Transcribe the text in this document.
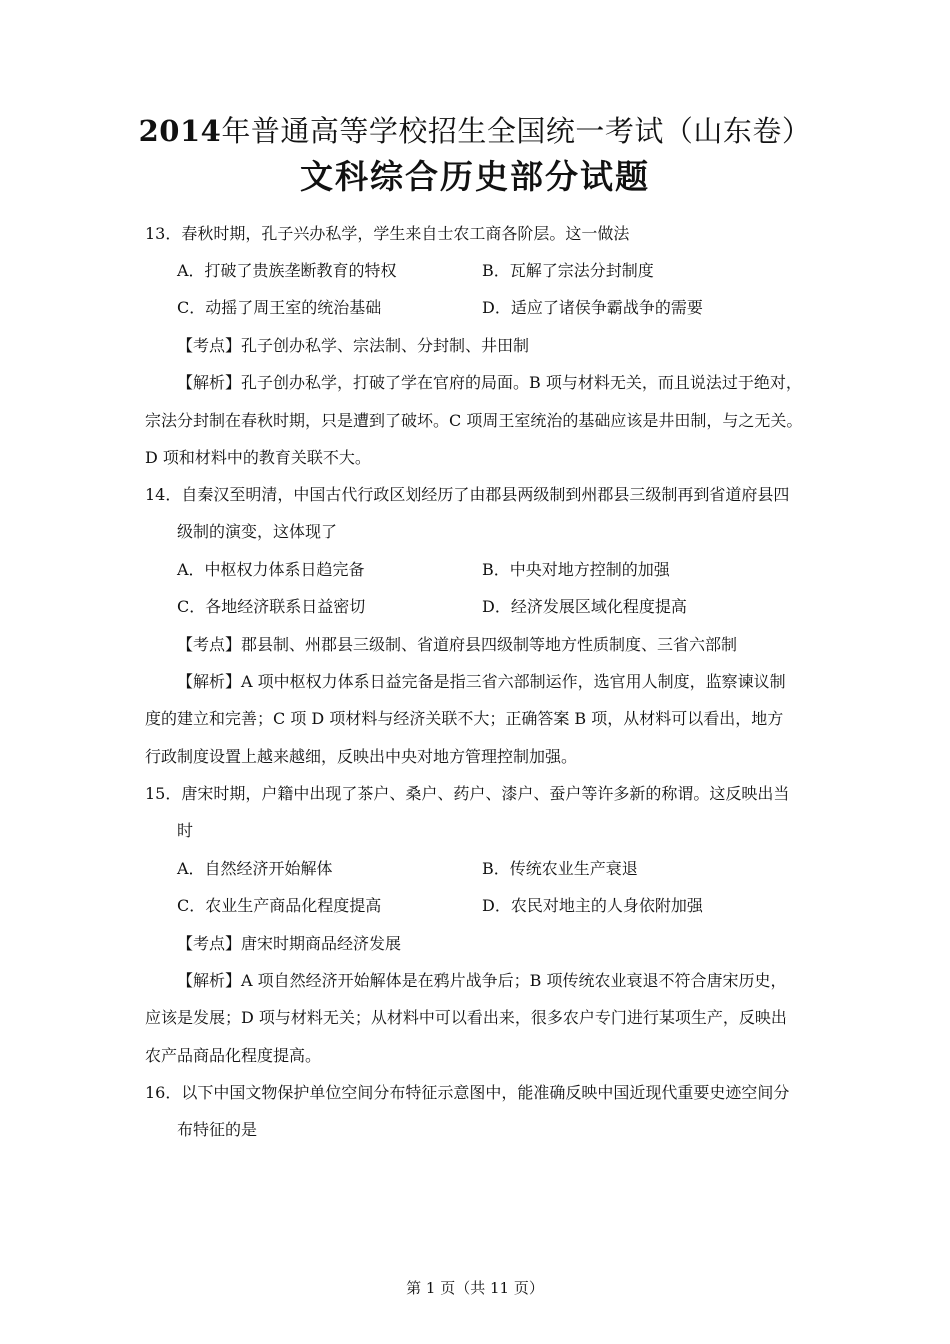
2014年普通高等学校招生全国统一考试（山东卷）
文科综合历史部分试题
13．春秋时期，孔子兴办私学，学生来自士农工商各阶层。这一做法
A．打破了贵族垄断教育的特权	B．瓦解了宗法分封制度
C．动摇了周王室的统治基础	D．适应了诸侯争霸战争的需要
【考点】孔子创办私学、宗法制、分封制、井田制
【解析】孔子创办私学，打破了学在官府的局面。B 项与材料无关，而且说法过于绝对，
宗法分封制在春秋时期，只是遭到了破坏。C 项周王室统治的基础应该是井田制，与之无关。
D 项和材料中的教育关联不大。
14．自秦汉至明清，中国古代行政区划经历了由郡县两级制到州郡县三级制再到省道府县四
级制的演变，这体现了
A．中枢权力体系日趋完备	B．中央对地方控制的加强
C．各地经济联系日益密切	D．经济发展区域化程度提高
【考点】郡县制、州郡县三级制、省道府县四级制等地方性质制度、三省六部制
【解析】A 项中枢权力体系日益完备是指三省六部制运作，选官用人制度，监察谏议制
度的建立和完善；C 项 D 项材料与经济关联不大；正确答案 B 项，从材料可以看出，地方
行政制度设置上越来越细，反映出中央对地方管理控制加强。
15．唐宋时期，户籍中出现了茶户、桑户、药户、漆户、蚕户等许多新的称谓。这反映出当
时
A．自然经济开始解体	B．传统农业生产衰退
C．农业生产商品化程度提高	D．农民对地主的人身依附加强
【考点】唐宋时期商品经济发展
【解析】A 项自然经济开始解体是在鸦片战争后；B 项传统农业衰退不符合唐宋历史，
应该是发展；D 项与材料无关；从材料中可以看出来，很多农户专门进行某项生产，反映出
农产品商品化程度提高。
16．以下中国文物保护单位空间分布特征示意图中，能准确反映中国近现代重要史迹空间分
布特征的是
第 1 页（共 11 页）
